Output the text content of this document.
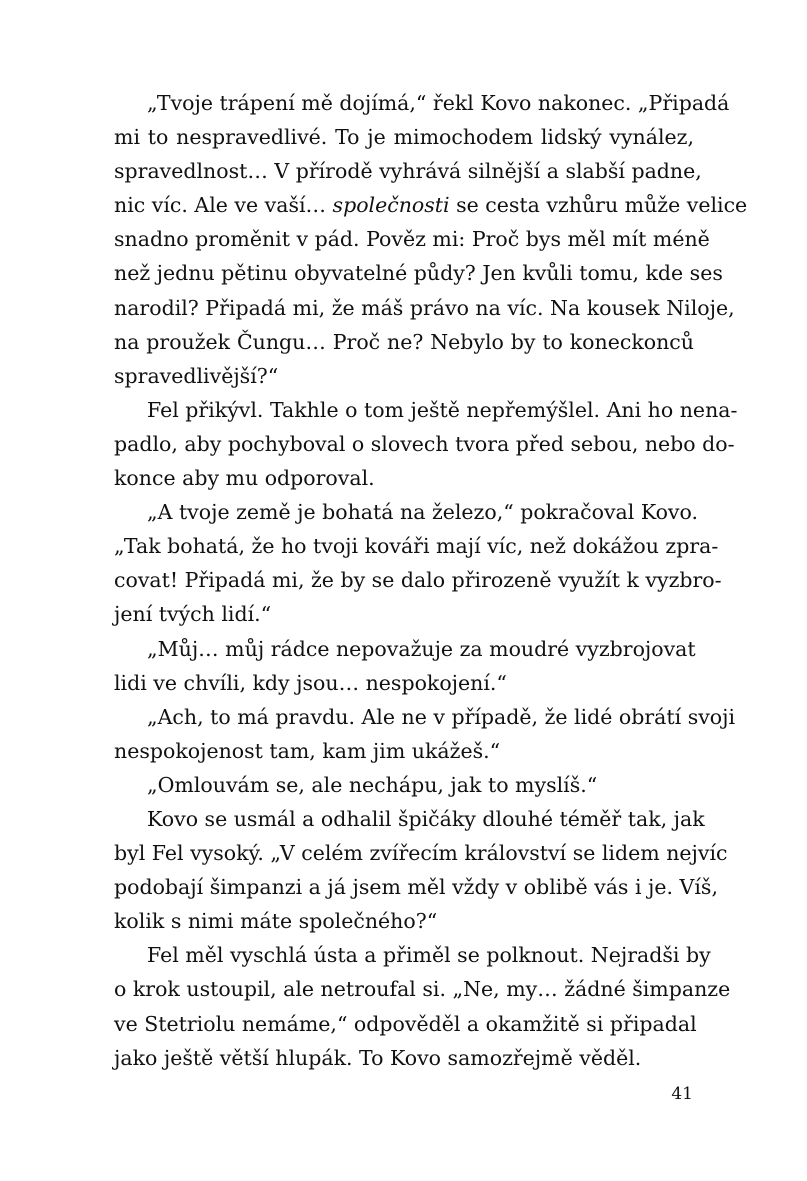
„Tvoje trápení mě dojímá,“ řekl Kovo nakonec. „Připadá
mi to nespravedlivé. To je mimochodem lidský vynález,
spravedlnost… V přírodě vyhrává silnější a slabší padne,
nic víc. Ale ve vaší… společnosti se cesta vzhůru může velice
snadno proměnit v pád. Pověz mi: Proč bys měl mít méně
než jednu pětinu obyvatelné půdy? Jen kvůli tomu, kde ses
narodil? Připadá mi, že máš právo na víc. Na kousek Niloje,
na proužek Čungu… Proč ne? Nebylo by to koneckonců
spravedlivější?“
Fel přikývl. Takhle o tom ještě nepřemýšlel. Ani ho nena-
padlo, aby pochyboval o slovech tvora před sebou, nebo do-
konce aby mu odporoval.
„A tvoje země je bohatá na železo,“ pokračoval Kovo.
„Tak bohatá, že ho tvoji kováři mají víc, než dokážou zpra-
covat! Připadá mi, že by se dalo přirozeně využít k vyzbro-
jení tvých lidí.“
„Můj… můj rádce nepovažuje za moudré vyzbrojovat
lidi ve chvíli, kdy jsou… nespokojení.“
„Ach, to má pravdu. Ale ne v případě, že lidé obrátí svoji
nespokojenost tam, kam jim ukážeš.“
„Omlouvám se, ale nechápu, jak to myslíš.“
Kovo se usmál a odhalil špičáky dlouhé téměř tak, jak
byl Fel vysoký. „V celém zvířecím království se lidem nejvíc
podobají šimpanzi a já jsem měl vždy v oblibě vás i je. Víš,
kolik s nimi máte společného?“
Fel měl vyschlá ústa a přiměl se polknout. Nejradši by
o krok ustoupil, ale netroufal si. „Ne, my… žádné šimpanze
ve Stetriolu nemáme,“ odpověděl a okamžitě si připadal
jako ještě větší hlupák. To Kovo samozřejmě věděl.
41
